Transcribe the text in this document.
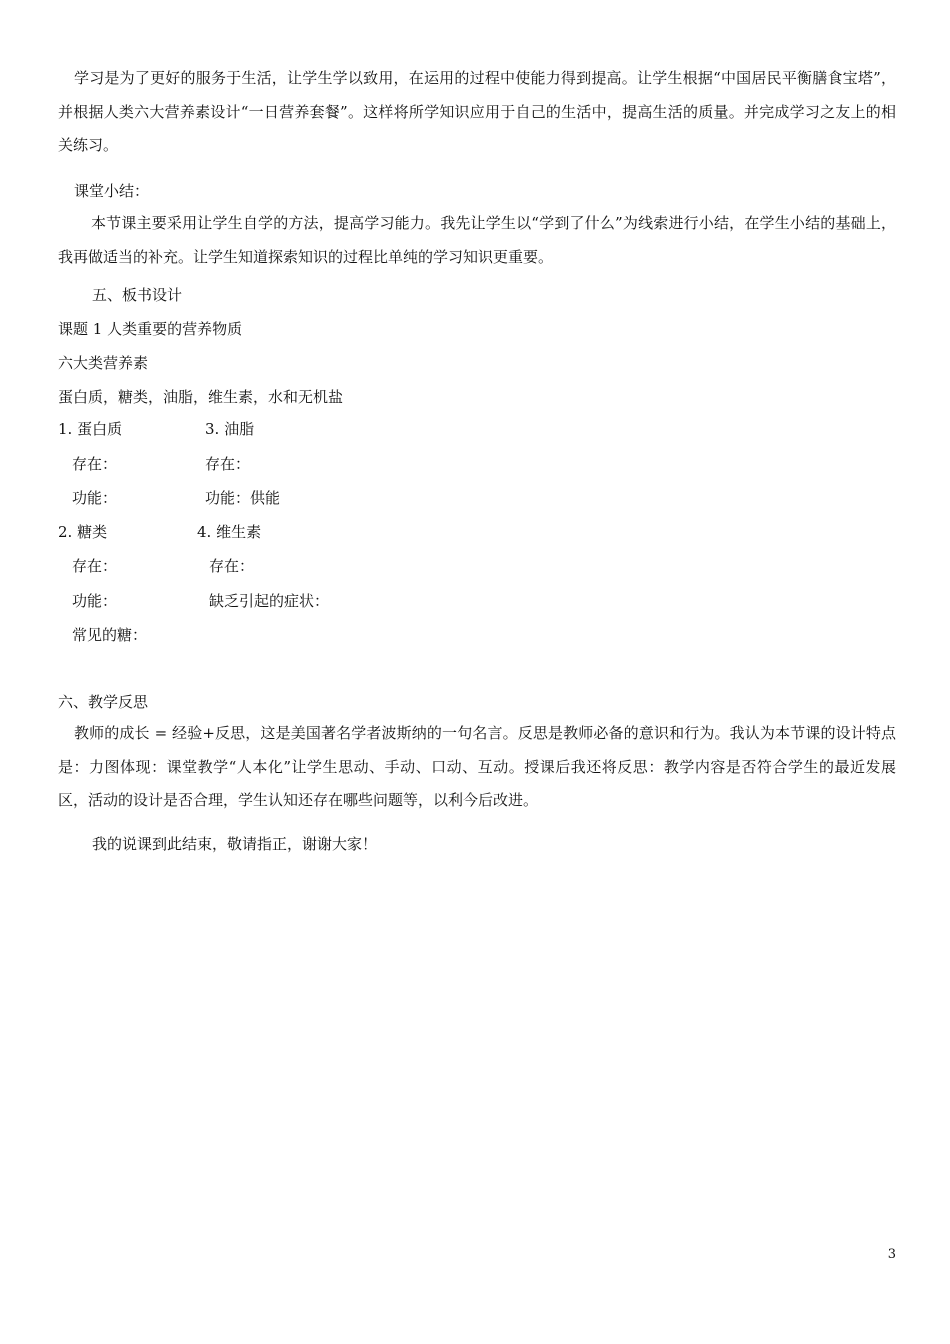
学习是为了更好的服务于生活，让学生学以致用，在运用的过程中使能力得到提高。让学生根据“中国居民平衡膳食宝塔”，并根据人类六大营养素设计“一日营养套餐”。这样将所学知识应用于自己的生活中，提高生活的质量。并完成学习之友上的相关练习。
课堂小结：
本节课主要采用让学生自学的方法，提高学习能力。我先让学生以“学到了什么”为线索进行小结，在学生小结的基础上，我再做适当的补充。让学生知道探索知识的过程比单纯的学习知识更重要。
五、板书设计
课题 1 人类重要的营养物质
六大类营养素
蛋白质，糖类，油脂，维生素，水和无机盐
1. 蛋白质	3. 油脂
存在：	存在：
功能：	功能：供能
2. 糖类	4. 维生素
存在：	存在：
功能：	缺乏引起的症状：
常见的糖：
六、教学反思
教师的成长 = 经验+反思，这是美国著名学者波斯纳的一句名言。反思是教师必备的意识和行为。我认为本节课的设计特点是：力图体现：课堂教学“人本化”让学生思动、手动、口动、互动。授课后我还将反思：教学内容是否符合学生的最近发展区，活动的设计是否合理，学生认知还存在哪些问题等，以利今后改进。
我的说课到此结束，敬请指正，谢谢大家！
3
